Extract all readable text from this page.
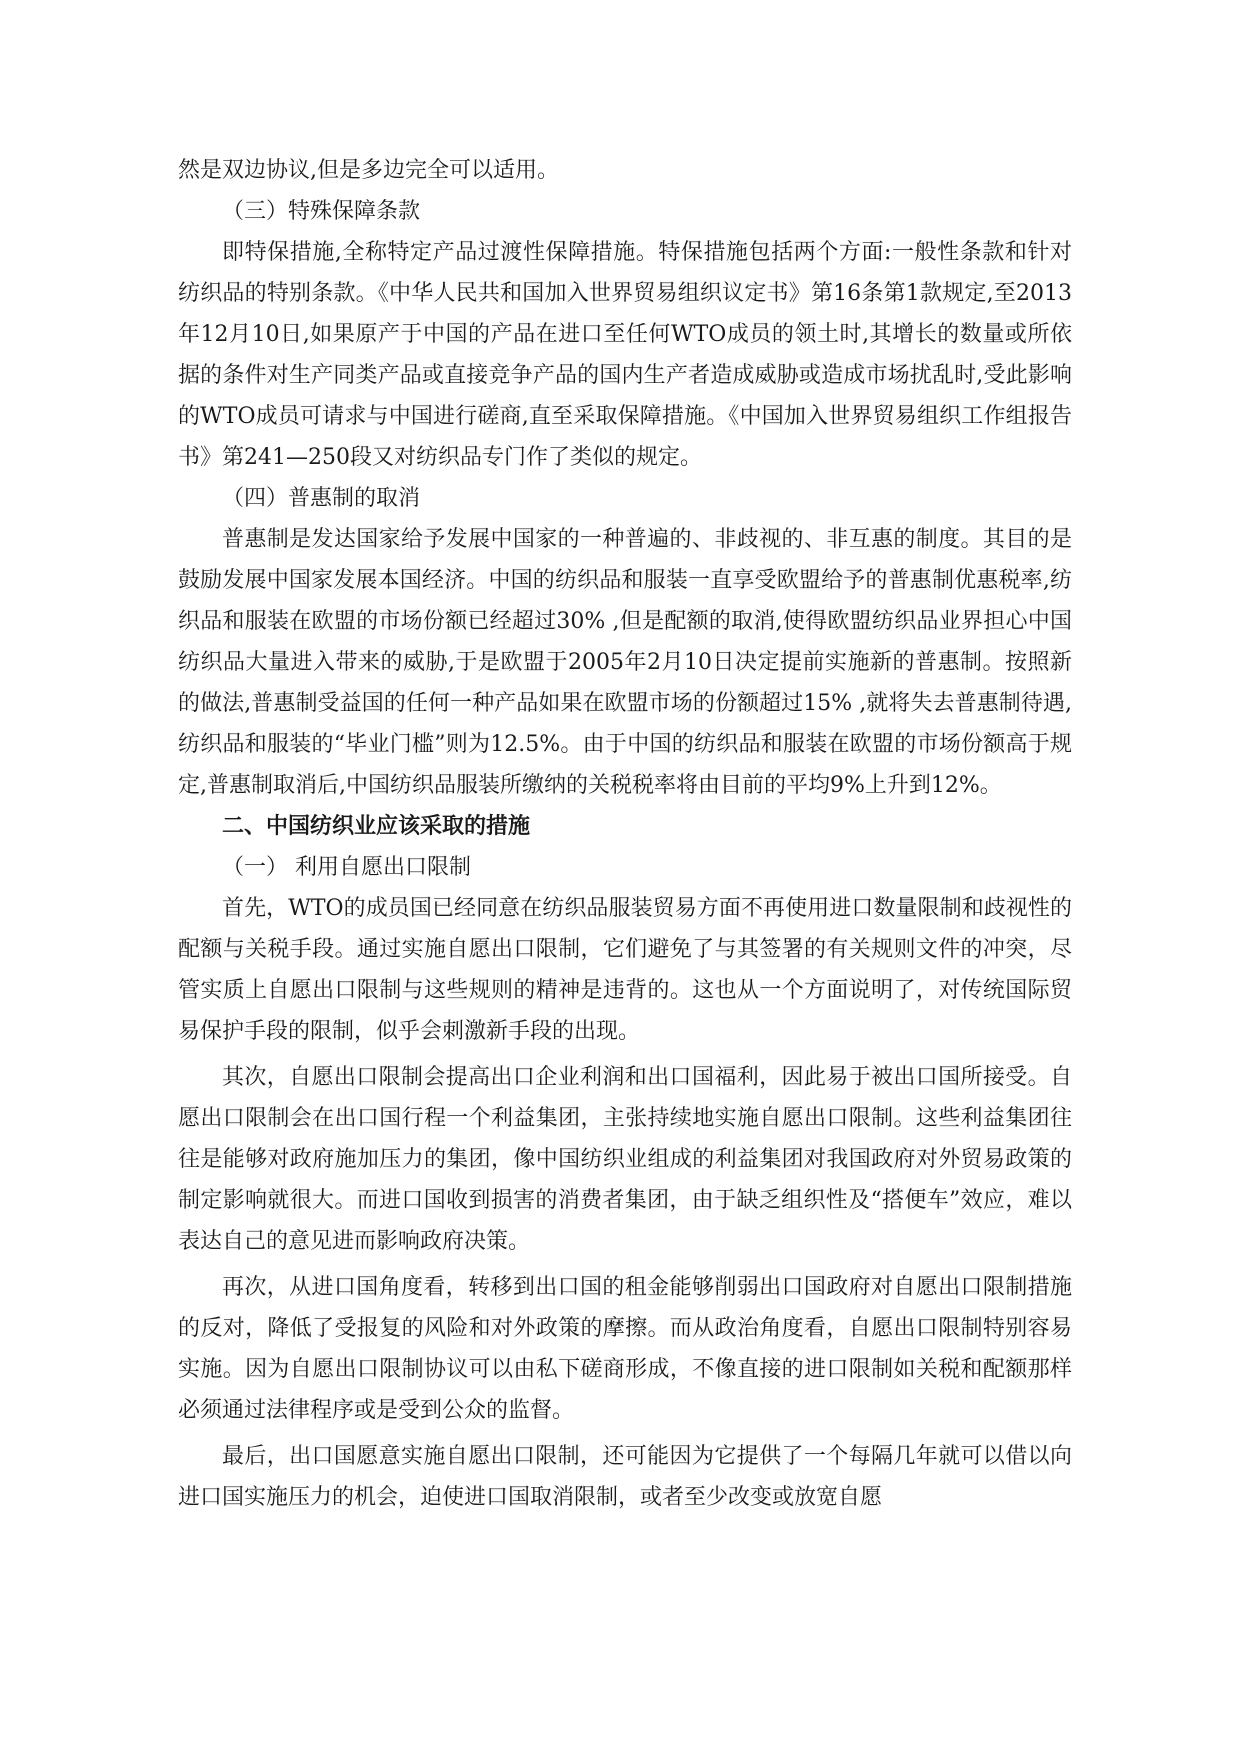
然是双边协议,但是多边完全可以适用。

（三）特殊保障条款

即特保措施,全称特定产品过渡性保障措施。特保措施包括两个方面:一般性条款和针对纺织品的特别条款。《中华人民共和国加入世界贸易组织议定书》第16条第1款规定,至2013年12月10日,如果原产于中国的产品在进口至任何WTO成员的领土时,其增长的数量或所依据的条件对生产同类产品或直接竞争产品的国内生产者造成威胁或造成市场扰乱时,受此影响的WTO成员可请求与中国进行磋商,直至采取保障措施。《中国加入世界贸易组织工作组报告书》第241—250段又对纺织品专门作了类似的规定。

（四）普惠制的取消

普惠制是发达国家给予发展中国家的一种普遍的、非歧视的、非互惠的制度。其目的是鼓励发展中国家发展本国经济。中国的纺织品和服装一直享受欧盟给予的普惠制优惠税率,纺织品和服装在欧盟的市场份额已经超过30% ,但是配额的取消,使得欧盟纺织品业界担心中国纺织品大量进入带来的威胁,于是欧盟于2005年2月10日决定提前实施新的普惠制。按照新的做法,普惠制受益国的任何一种产品如果在欧盟市场的份额超过15% ,就将失去普惠制待遇,纺织品和服装的“毕业门槛”则为12.5%。由于中国的纺织品和服装在欧盟的市场份额高于规定,普惠制取消后,中国纺织品服装所缴纳的关税税率将由目前的平均9%上升到12%。

二、中国纺织业应该采取的措施

（一） 利用自愿出口限制

首先，WTO的成员国已经同意在纺织品服装贸易方面不再使用进口数量限制和歧视性的配额与关税手段。通过实施自愿出口限制，它们避免了与其签署的有关规则文件的冲突，尽管实质上自愿出口限制与这些规则的精神是违背的。这也从一个方面说明了，对传统国际贸易保护手段的限制，似乎会刺激新手段的出现。

其次，自愿出口限制会提高出口企业利润和出口国福利，因此易于被出口国所接受。自愿出口限制会在出口国行程一个利益集团，主张持续地实施自愿出口限制。这些利益集团往往是能够对政府施加压力的集团，像中国纺织业组成的利益集团对我国政府对外贸易政策的制定影响就很大。而进口国收到损害的消费者集团，由于缺乏组织性及“搭便车”效应，难以表达自己的意见进而影响政府决策。

再次，从进口国角度看，转移到出口国的租金能够削弱出口国政府对自愿出口限制措施的反对，降低了受报复的风险和对外政策的摩擦。而从政治角度看，自愿出口限制特别容易实施。因为自愿出口限制协议可以由私下磋商形成，不像直接的进口限制如关税和配额那样必须通过法律程序或是受到公众的监督。

最后，出口国愿意实施自愿出口限制，还可能因为它提供了一个每隔几年就可以借以向进口国实施压力的机会，迫使进口国取消限制，或者至少改变或放宽自愿
